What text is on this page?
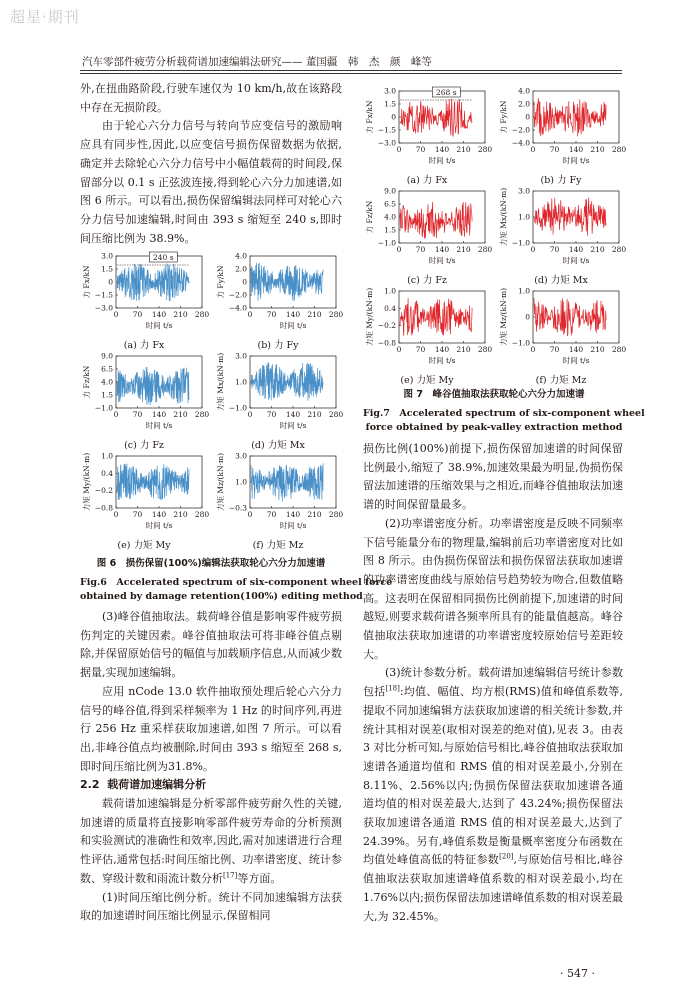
超星·期刊
汽车零部件疲劳分析载荷谱加速编辑法研究—— 董国疆　韩　杰　颜　峰等

外,在扭曲路阶段,行驶车速仅为 10 km/h,故在该路段中存在无损阶段。

由于轮心六分力信号与转向节应变信号的激励响应具有同步性,因此,以应变信号损伤保留数据为依据,确定并去除轮心六分力信号中小幅值载荷的时间段,保留部分以 0.1 s 正弦波连接,得到轮心六分力加速谱,如图 6 所示。可以看出,损伤保留编辑法同样可对轮心六分力信号加速编辑,时间由 393 s 缩短至 240 s,即时间压缩比例为 38.9%。

力 Fx/kN
3.0
1.5
0
−1.5
−3.0
0 70 140 210 280
时间 t/s
240 s
(a) 力 Fx
力 Fy/kN
4.0
2.0
0
−2.0
−4.0
0 70 140 210 280
时间 t/s
(b) 力 Fy
力 Fz/kN
9.0
6.5
4.0
1.5
−1.0
0 70 140 210 280
时间 t/s
(c) 力 Fz
力矩 Mx/(kN·m) 3.0
1.0
−1.0
0 70 140 210 280
时间 t/s
(d) 力矩 Mx
力矩 My/(kN·m) 1.0
0.4
−0.2
−0.8
0 70 140 210 280
时间 t/s
(e) 力矩 My
力矩 Mz/(kN·m) 3.0
1.0
−0.3
0 70 140 210 280
时间 t/s
(f) 力矩 Mz
图 6　损伤保留(100%)编辑法获取轮心六分力加速谱
Fig.6　Accelerated spectrum of six-component wheel force
obtained by damage retention(100%) editing method

(3)峰谷值抽取法。载荷峰谷值是影响零件疲劳损伤判定的关键因素。峰谷值抽取法可将非峰谷值点剔除,并保留原始信号的幅值与加载顺序信息,从而减少数据量,实现加速编辑。

应用 nCode 13.0 软件抽取预处理后轮心六分力信号的峰谷值,得到采样频率为 1 Hz 的时间序列,再进行 256 Hz 重采样获取加速谱,如图 7 所示。可以看出,非峰谷值点均被删除,时间由 393 s 缩短至 268 s,即时间压缩比例为31.8%。

2.2 载荷谱加速编辑分析

载荷谱加速编辑是分析零部件疲劳耐久性的关键,加速谱的质量将直接影响零部件疲劳寿命的分析预测和实验测试的准确性和效率,因此,需对加速谱进行合理性评估,通常包括:时间压缩比例、功率谱密度、统计参数、穿级计数和雨流计数分析[17]等方面。

(1)时间压缩比例分析。统计不同加速编辑方法获取的加速谱时间压缩比例显示,保留相同

力 Fx/kN
3.0
1.5
0
−1.5
−3.0
0 70 140 210 280
时间 t/s
268 s
(a) 力 Fx
力 Fy/kN
4.0
2.0
0
−2.0
−4.0
0 70 140 210 280
时间 t/s
(b) 力 Fy
力 Fz/kN
9.0
6.5
4.0
1.5
−1.0
0 70 140 210 280
时间 t/s
(c) 力 Fz
力矩 Mx/(kN·m) 3.0
1.0
−1.0
0 70 140 210 280
时间 t/s
(d) 力矩 Mx
力矩 My/(kN·m) 1.0
0.4
−0.2
−0.8
0 70 140 210 280
时间 t/s
(e) 力矩 My
力矩 Mz/(kN·m) 1.0
0
−1.0
0 70 140 210 280
时间 t/s
(f) 力矩 Mz
图 7　峰谷值抽取法获取轮心六分力加速谱
Fig.7　Accelerated spectrum of six-component wheel
force obtained by peak-valley extraction method

损伤比例(100%)前提下,损伤保留加速谱的时间保留比例最小,缩短了 38.9%,加速效果最为明显,伪损伤保留法加速谱的压缩效果与之相近,而峰谷值抽取法加速谱的时间保留量最多。

(2)功率谱密度分析。功率谱密度是反映不同频率下信号能量分布的物理量,编辑前后功率谱密度对比如图 8 所示。由伪损伤保留法和损伤保留法获取加速谱的功率谱密度曲线与原始信号趋势较为吻合,但数值略高。这表明在保留相同损伤比例前提下,加速谱的时间越短,则要求载荷谱各频率所具有的能量值越高。峰谷值抽取法获取加速谱的功率谱密度较原始信号差距较大。

(3)统计参数分析。载荷谱加速编辑信号统计参数包括[18]:均值、幅值、均方根(RMS)值和峰值系数等,提取不同加速编辑方法获取加速谱的相关统计参数,并统计其相对误差(取相对误差的绝对值),见表 3。由表 3 对比分析可知,与原始信号相比,峰谷值抽取法获取加速谱各通道均值和 RMS 值的相对误差最小,分别在 8.11%、2.56%以内;伪损伤保留法获取加速谱各通道均值的相对误差最大,达到了 43.24%;损伤保留法获取加速谱各通道 RMS 值的相对误差最大,达到了 24.39%。另有,峰值系数是衡量概率密度分布函数在均值处峰值高低的特征参数[20],与原始信号相比,峰谷值抽取法获取加速谱峰值系数的相对误差最小,均在 1.76%以内;损伤保留法加速谱峰值系数的相对误差最大,为 32.45%。

· 547 ·
